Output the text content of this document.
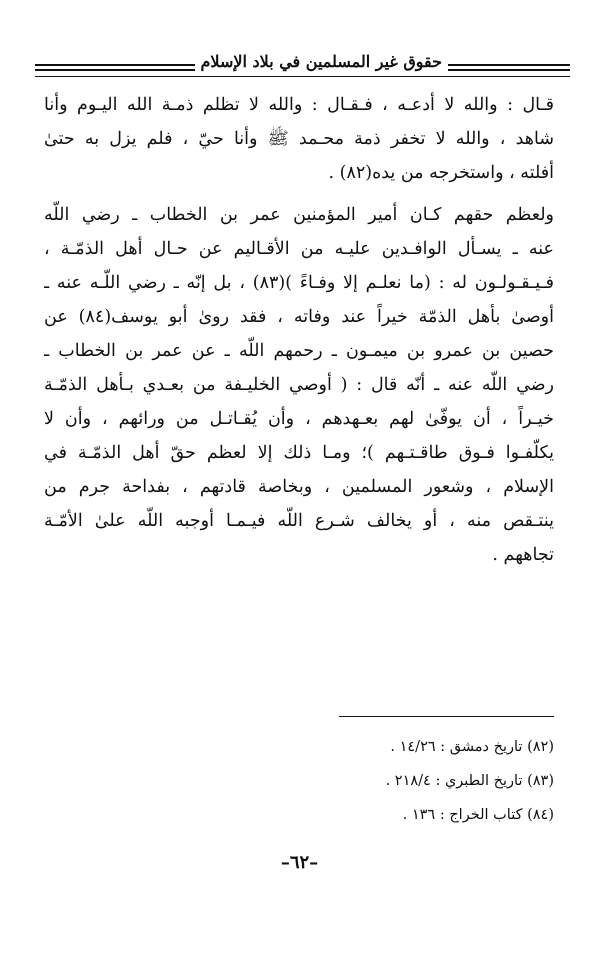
حقوق غير المسلمين في بلاد الإسلام
قـال : والله لا أدعـه ، فـقـال : والله لا تظلم ذمـة الله اليـوم وأنا
شاهد ، والله لا تخفر ذمة محـمد ﷺ وأنا حيّ ، فلم يزل به حتىٰ
أفلته ، واستخرجه من يده(٨٢) .
ولعظم حقهم كـان أمير المؤمنين عمر بن الخطاب ـ رضي اللّه
عنه ـ يسـأل الوافـدين عليـه من الأقـاليم عن حـال أهل الذمّـة ،
فـيـقـولـون له : (ما نعلـم إلا وفـاءً )(٨٣) ، بل إنّه ـ رضي اللّـه عنه ـ
أوصىٰ بأهل الذمّة خيراً عند وفاته ، فقد رویٰ أبو يوسف(٨٤) عن
حصين بن عمرو بن ميمـون ـ رحمهم اللّه ـ عن عمر بن الخطاب ـ
رضي اللّه عنه ـ أنّه قال : ( أوصي الخليـفة من بعـدي بـأهل الذمّـة
خيـراً ، أن يوفّىٰ لهم بعـهدهم ، وأن يُقـاتـل من ورائهم ، وأن لا
يكلّفـوا فـوق طاقـتـهم )؛ ومـا ذلك إلا لعظم حقّ أهل الذمّـة في
الإسلام ، وشعور المسلمين ، وبخاصة قادتهم ، بفداحة جرم من
ينتـقص منه ، أو يخالف شـرع اللّه فيـمـا أوجبه اللّه علىٰ الأمّـة
تجاههم .
(٨٢) تاريخ دمشق : ١٤/٢٦ .
(٨٣) تاريخ الطبري : ٢١٨/٤ .
(٨٤) كتاب الخراج : ١٣٦ .
–٦٢–
